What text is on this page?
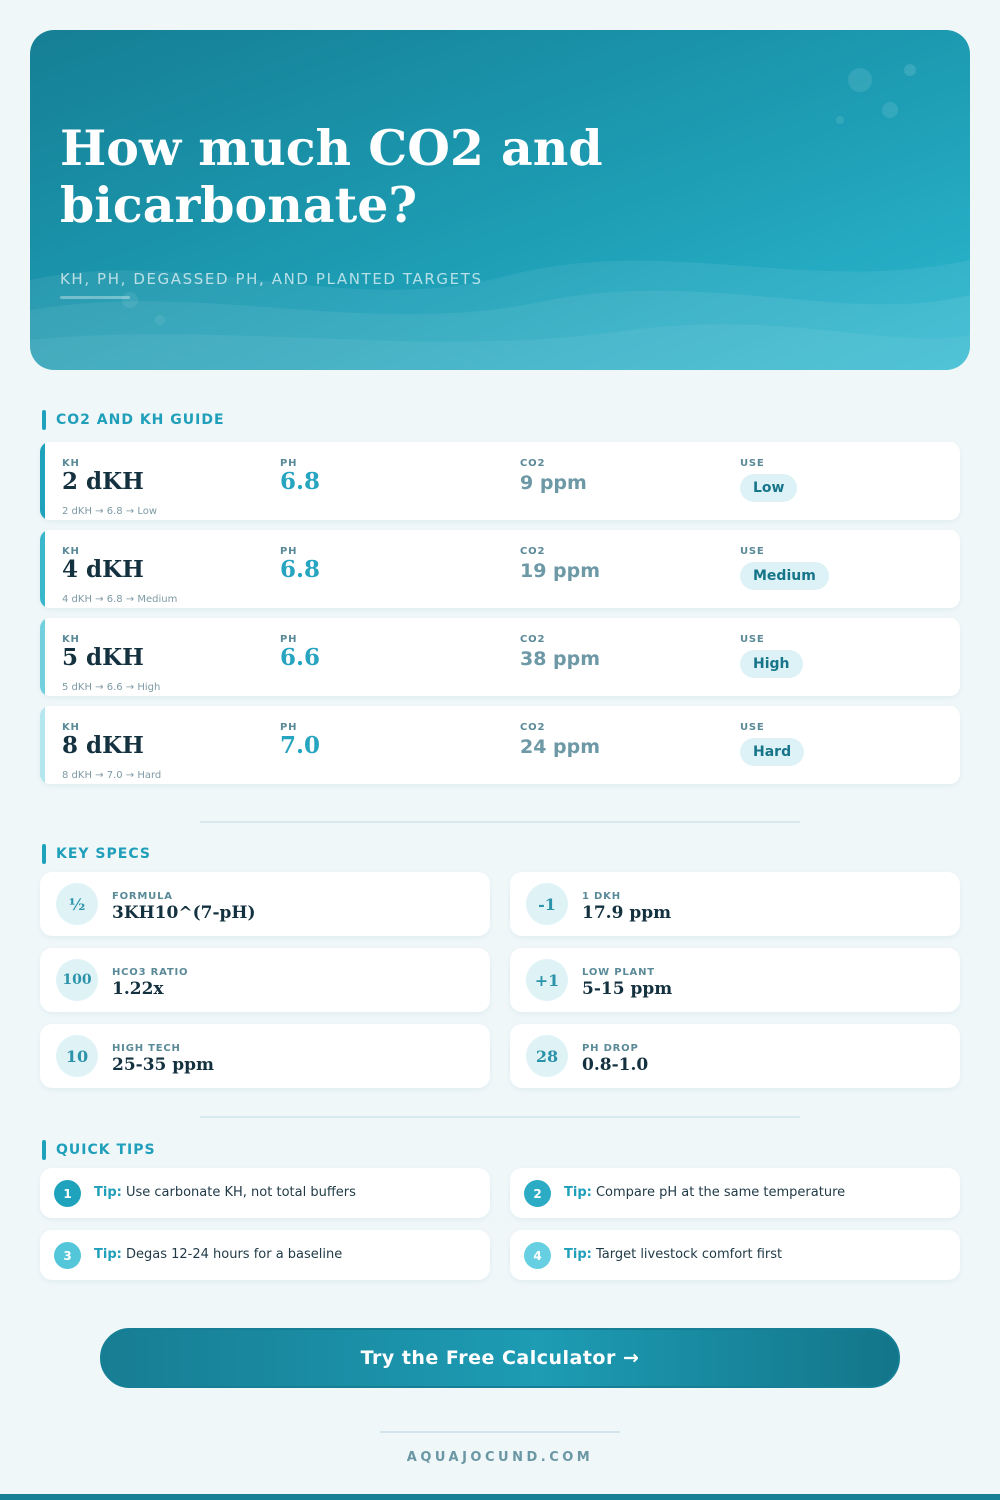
How much CO2 and bicarbonate?
KH, PH, DEGASSED PH, AND PLANTED TARGETS
CO2 AND KH GUIDE
KH	PH	CO2	USE
2 dKH	6.8	9 ppm	Low
2 dKH → 6.8 → Low
KH	PH	CO2	USE
4 dKH	6.8	19 ppm	Medium
4 dKH → 6.8 → Medium
KH	PH	CO2	USE
5 dKH	6.6	38 ppm	High
5 dKH → 6.6 → High
KH	PH	CO2	USE
8 dKH	7.0	24 ppm	Hard
8 dKH → 7.0 → Hard
KEY SPECS
½	FORMULA
3KH10^(7-pH)	-1	1 DKH
17.9 ppm
100	HCO3 RATIO
1.22x	+1	LOW PLANT
5-15 ppm
10	HIGH TECH
25-35 ppm	28	PH DROP
0.8-1.0
QUICK TIPS
1	Tip: Use carbonate KH, not total buffers	2	Tip: Compare pH at the same temperature
3	Tip: Degas 12-24 hours for a baseline	4	Tip: Target livestock comfort first
Try the Free Calculator →
AQUAJOCUND.COM
